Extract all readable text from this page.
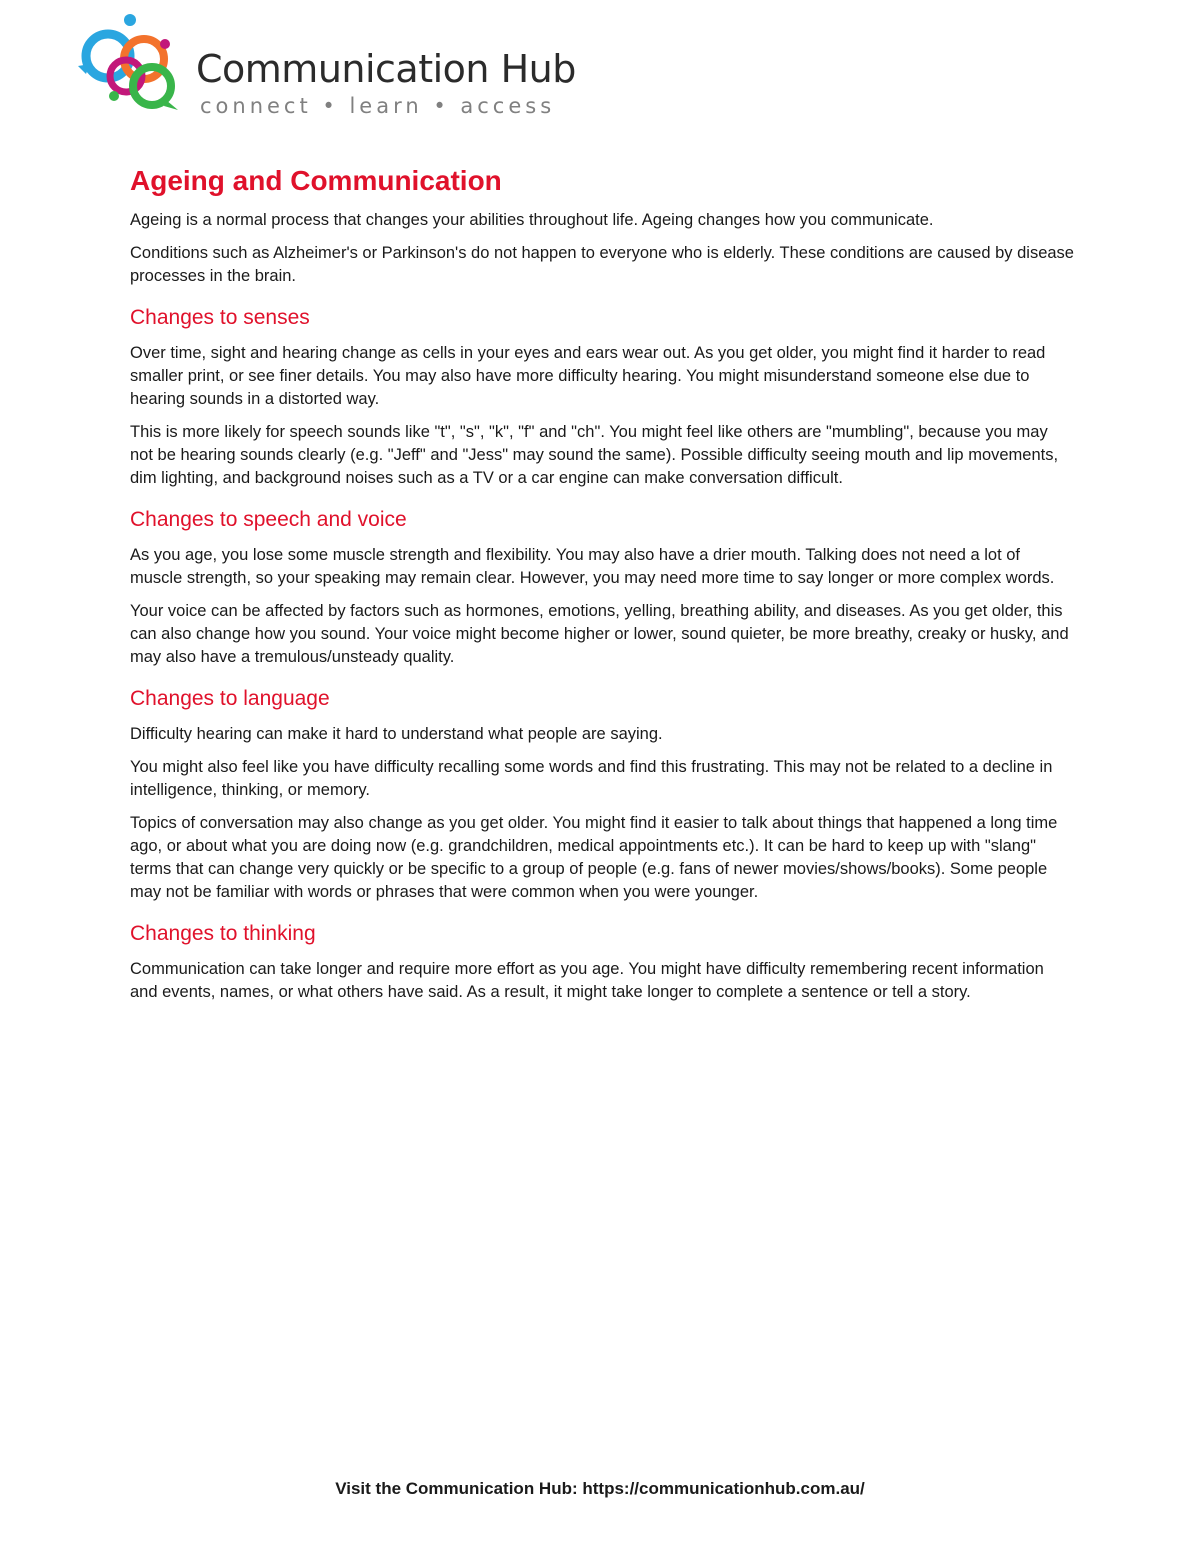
Communication Hub
connect • learn • access
Ageing and Communication

Ageing is a normal process that changes your abilities throughout life. Ageing changes how you communicate.

Conditions such as Alzheimer's or Parkinson's do not happen to everyone who is elderly. These conditions are caused by disease processes in the brain.

Changes to senses

Over time, sight and hearing change as cells in your eyes and ears wear out. As you get older, you might find it harder to read smaller print, or see finer details. You may also have more difficulty hearing. You might misunderstand someone else due to hearing sounds in a distorted way.

This is more likely for speech sounds like "t", "s", "k", "f" and "ch". You might feel like others are "mumbling", because you may not be hearing sounds clearly (e.g. "Jeff" and "Jess" may sound the same). Possible difficulty seeing mouth and lip movements, dim lighting, and background noises such as a TV or a car engine can make conversation difficult.

Changes to speech and voice

As you age, you lose some muscle strength and flexibility. You may also have a drier mouth. Talking does not need a lot of muscle strength, so your speaking may remain clear. However, you may need more time to say longer or more complex words.

Your voice can be affected by factors such as hormones, emotions, yelling, breathing ability, and diseases. As you get older, this can also change how you sound. Your voice might become higher or lower, sound quieter, be more breathy, creaky or husky, and may also have a tremulous/unsteady quality.

Changes to language

Difficulty hearing can make it hard to understand what people are saying.

You might also feel like you have difficulty recalling some words and find this frustrating. This may not be related to a decline in intelligence, thinking, or memory.

Topics of conversation may also change as you get older. You might find it easier to talk about things that happened a long time ago, or about what you are doing now (e.g. grandchildren, medical appointments etc.). It can be hard to keep up with "slang" terms that can change very quickly or be specific to a group of people (e.g. fans of newer movies/shows/books). Some people may not be familiar with words or phrases that were common when you were younger.

Changes to thinking

Communication can take longer and require more effort as you age. You might have difficulty remembering recent information and events, names, or what others have said. As a result, it might take longer to complete a sentence or tell a story.

Visit the Communication Hub: https://communicationhub.com.au/
